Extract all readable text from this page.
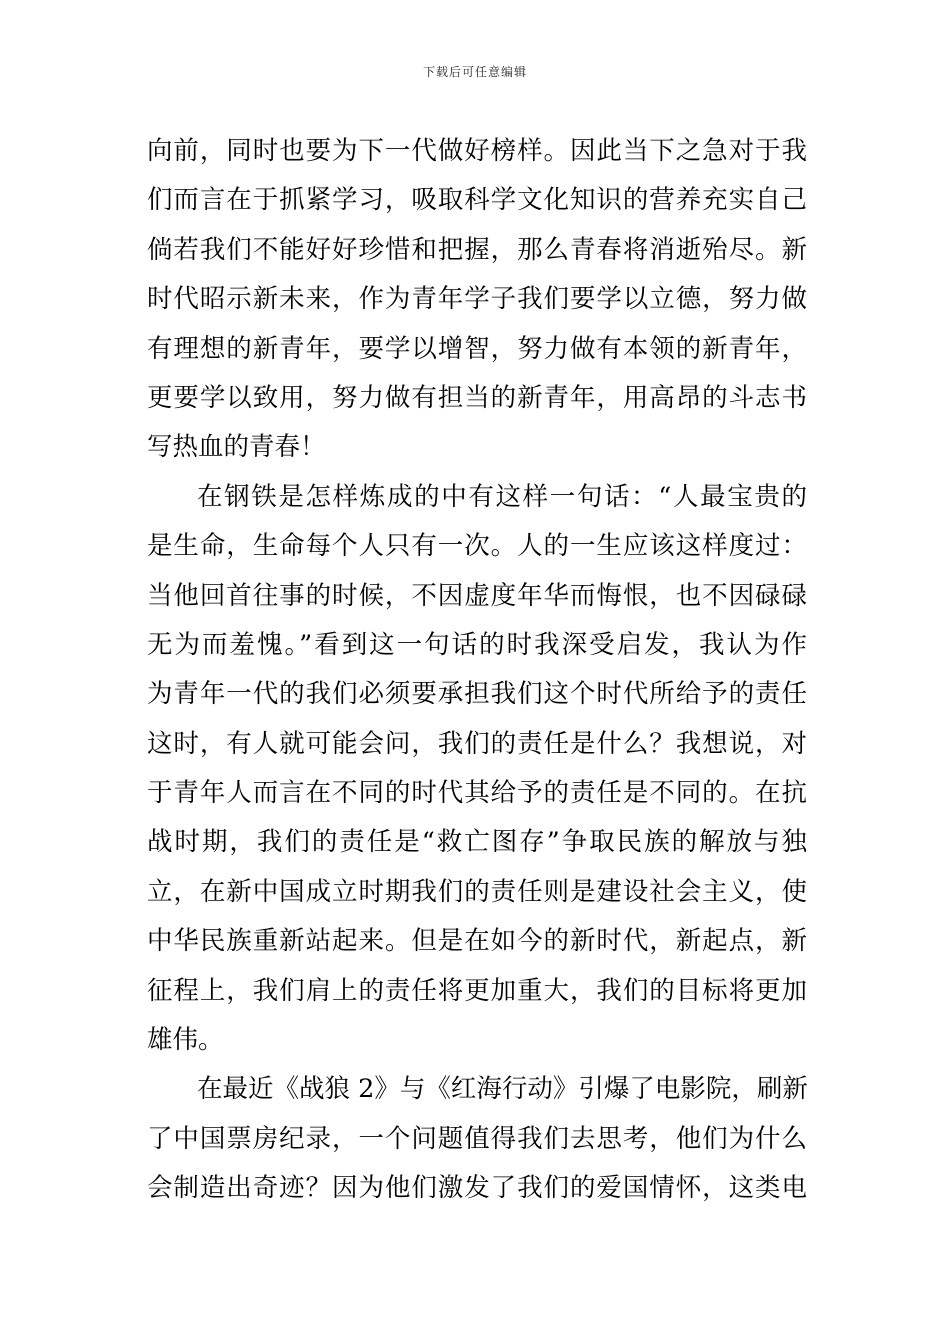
下载后可任意编辑
向前，同时也要为下一代做好榜样。因此当下之急对于我
们而言在于抓紧学习，吸取科学文化知识的营养充实自己
倘若我们不能好好珍惜和把握，那么青春将消逝殆尽。新
时代昭示新未来，作为青年学子我们要学以立德，努力做
有理想的新青年，要学以增智，努力做有本领的新青年，
更要学以致用，努力做有担当的新青年，用高昂的斗志书
写热血的青春！
在钢铁是怎样炼成的中有这样一句话：“人最宝贵的
是生命，生命每个人只有一次。人的一生应该这样度过：
当他回首往事的时候，不因虚度年华而悔恨，也不因碌碌
无为而羞愧。”看到这一句话的时我深受启发，我认为作
为青年一代的我们必须要承担我们这个时代所给予的责任
这时，有人就可能会问，我们的责任是什么？我想说，对
于青年人而言在不同的时代其给予的责任是不同的。在抗
战时期，我们的责任是“救亡图存”争取民族的解放与独
立，在新中国成立时期我们的责任则是建设社会主义，使
中华民族重新站起来。但是在如今的新时代，新起点，新
征程上，我们肩上的责任将更加重大，我们的目标将更加
雄伟。
在最近《战狼 2》与《红海行动》引爆了电影院，刷新
了中国票房纪录，一个问题值得我们去思考，他们为什么
会制造出奇迹？因为他们激发了我们的爱国情怀，这类电
